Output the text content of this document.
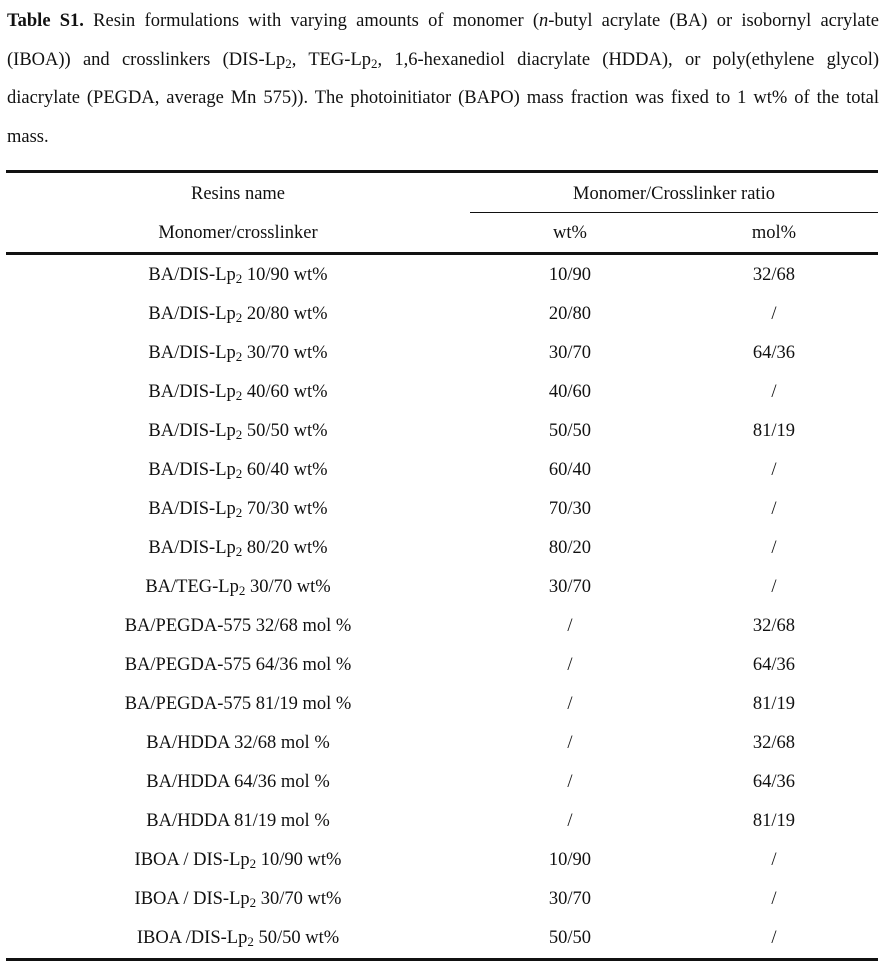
Table S1. Resin formulations with varying amounts of monomer (n-butyl acrylate (BA) or isobornyl acrylate (IBOA)) and crosslinkers ($DIS-Lp_2$, TEG-$Lp_2$, 1,6-hexanediol diacrylate (HDDA), or poly(ethylene glycol) diacrylate (PEGDA, average Mn 575)). The photoinitiator (BAPO) mass fraction was fixed to 1 wt% of the total mass.
Resins name	Monomer/Crosslinker ratio
Monomer/crosslinker	wt%	mol%
$BA/DIS-Lp_2$ 10/90 wt%	10/90	32/68
$BA/DIS-Lp_2$ 20/80 wt%	20/80	/
$BA/DIS-Lp_2$ 30/70 wt%	30/70	64/36
$BA/DIS-Lp_2$ 40/60 wt%	40/60	/
$BA/DIS-Lp_2$ 50/50 wt%	50/50	81/19
$BA/DIS-Lp_2$ 60/40 wt%	60/40	/
$BA/DIS-Lp_2$ 70/30 wt%	70/30	/
$BA/DIS-Lp_2$ 80/20 wt%	80/20	/
$BA/TEG-Lp_2$ 30/70 wt%	30/70	/
BA/PEGDA-575 32/68 mol %	/	32/68
BA/PEGDA-575 64/36 mol %	/	64/36
BA/PEGDA-575 81/19 mol %	/	81/19
BA/HDDA 32/68 mol %	/	32/68
BA/HDDA 64/36 mol %	/	64/36
BA/HDDA 81/19 mol %	/	81/19
IBOA / DIS-$Lp_2$ 10/90 wt%	10/90	/
IBOA / DIS-$Lp_2$ 30/70 wt%	30/70	/
IBOA $/DIS-Lp_2$ 50/50 wt%	50/50	/
